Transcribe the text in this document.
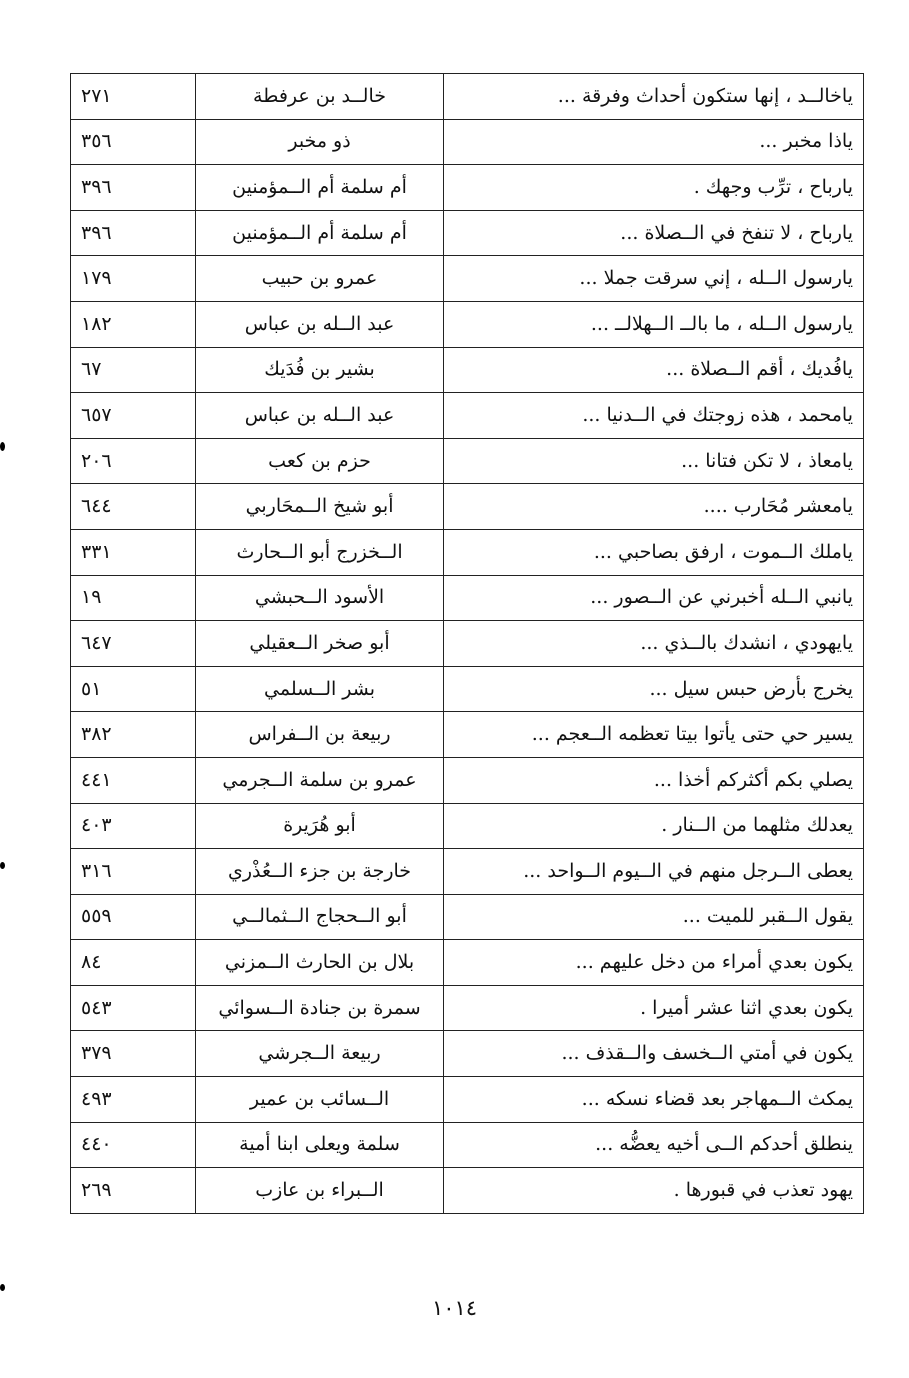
ياخالــد ، إنها ستكون أحداث وفرقة ...	خالــد بن عرفطة	٢٧١
ياذا مخبر ...	ذو مخبر	٣٥٦
يارباح ، ترِّب وجهك .	أم سلمة أم الــمؤمنين	٣٩٦
يارباح ، لا تنفخ في الــصلاة ...	أم سلمة أم الــمؤمنين	٣٩٦
يارسول الــله ، إني سرقت جملا ...	عمرو بن حبيب	١٧٩
يارسول الــله ، ما بالــ الــهلالــ ...	عبد الــله بن عباس	١٨٢
يافُديك ، أقم الــصلاة ...	بشير بن فُدَيك	٦٧
يامحمد ، هذه زوجتك في الــدنيا ...	عبد الــله بن عباس	٦٥٧
يامعاذ ، لا تكن فتانا ...	حزم بن كعب	٢٠٦
يامعشر مُحَارب ....	أبو شيخ الــمحَاربي	٦٤٤
ياملك الــموت ، ارفق بصاحبي ...	الــخزرج أبو الــحارث	٣٣١
يانبي الــله أخبرني عن الــصور ...	الأسود الــحبشي	١٩
يايهودي ، انشدك بالــذي ...	أبو صخر الــعقيلي	٦٤٧
يخرج بأرض حبس سيل ...	بشر الــسلمي	٥١
يسير حي حتى يأتوا بيتا تعظمه الــعجم ...	ربيعة بن الــفراس	٣٨٢
يصلي بكم أكثركم أخذا ...	عمرو بن سلمة الــجرمي	٤٤١
يعدلك مثلهما من الــنار .	أبو هُرَيرة	٤٠٣
يعطى الــرجل منهم في الــيوم الــواحد ...	خارجة بن جزء الــعُذْري	٣١٦
يقول الــقبر للميت ...	أبو الــحجاج الــثمالــي	٥٥٩
يكون بعدي أمراء من دخل عليهم ...	بلال بن الحارث الــمزني	٨٤
يكون بعدي اثنا عشر أميرا .	سمرة بن جنادة الــسوائي	٥٤٣
يكون في أمتي الــخسف والــقذف ...	ربيعة الــجرشي	٣٧٩
يمكث الــمهاجر بعد قضاء نسكه ...	الــسائب بن عمير	٤٩٣
ينطلق أحدكم الــى أخيه يعضُّه ...	سلمة ويعلى ابنا أمية	٤٤٠
يهود تعذب في قبورها .	الــبراء بن عازب	٢٦٩
١٠١٤
